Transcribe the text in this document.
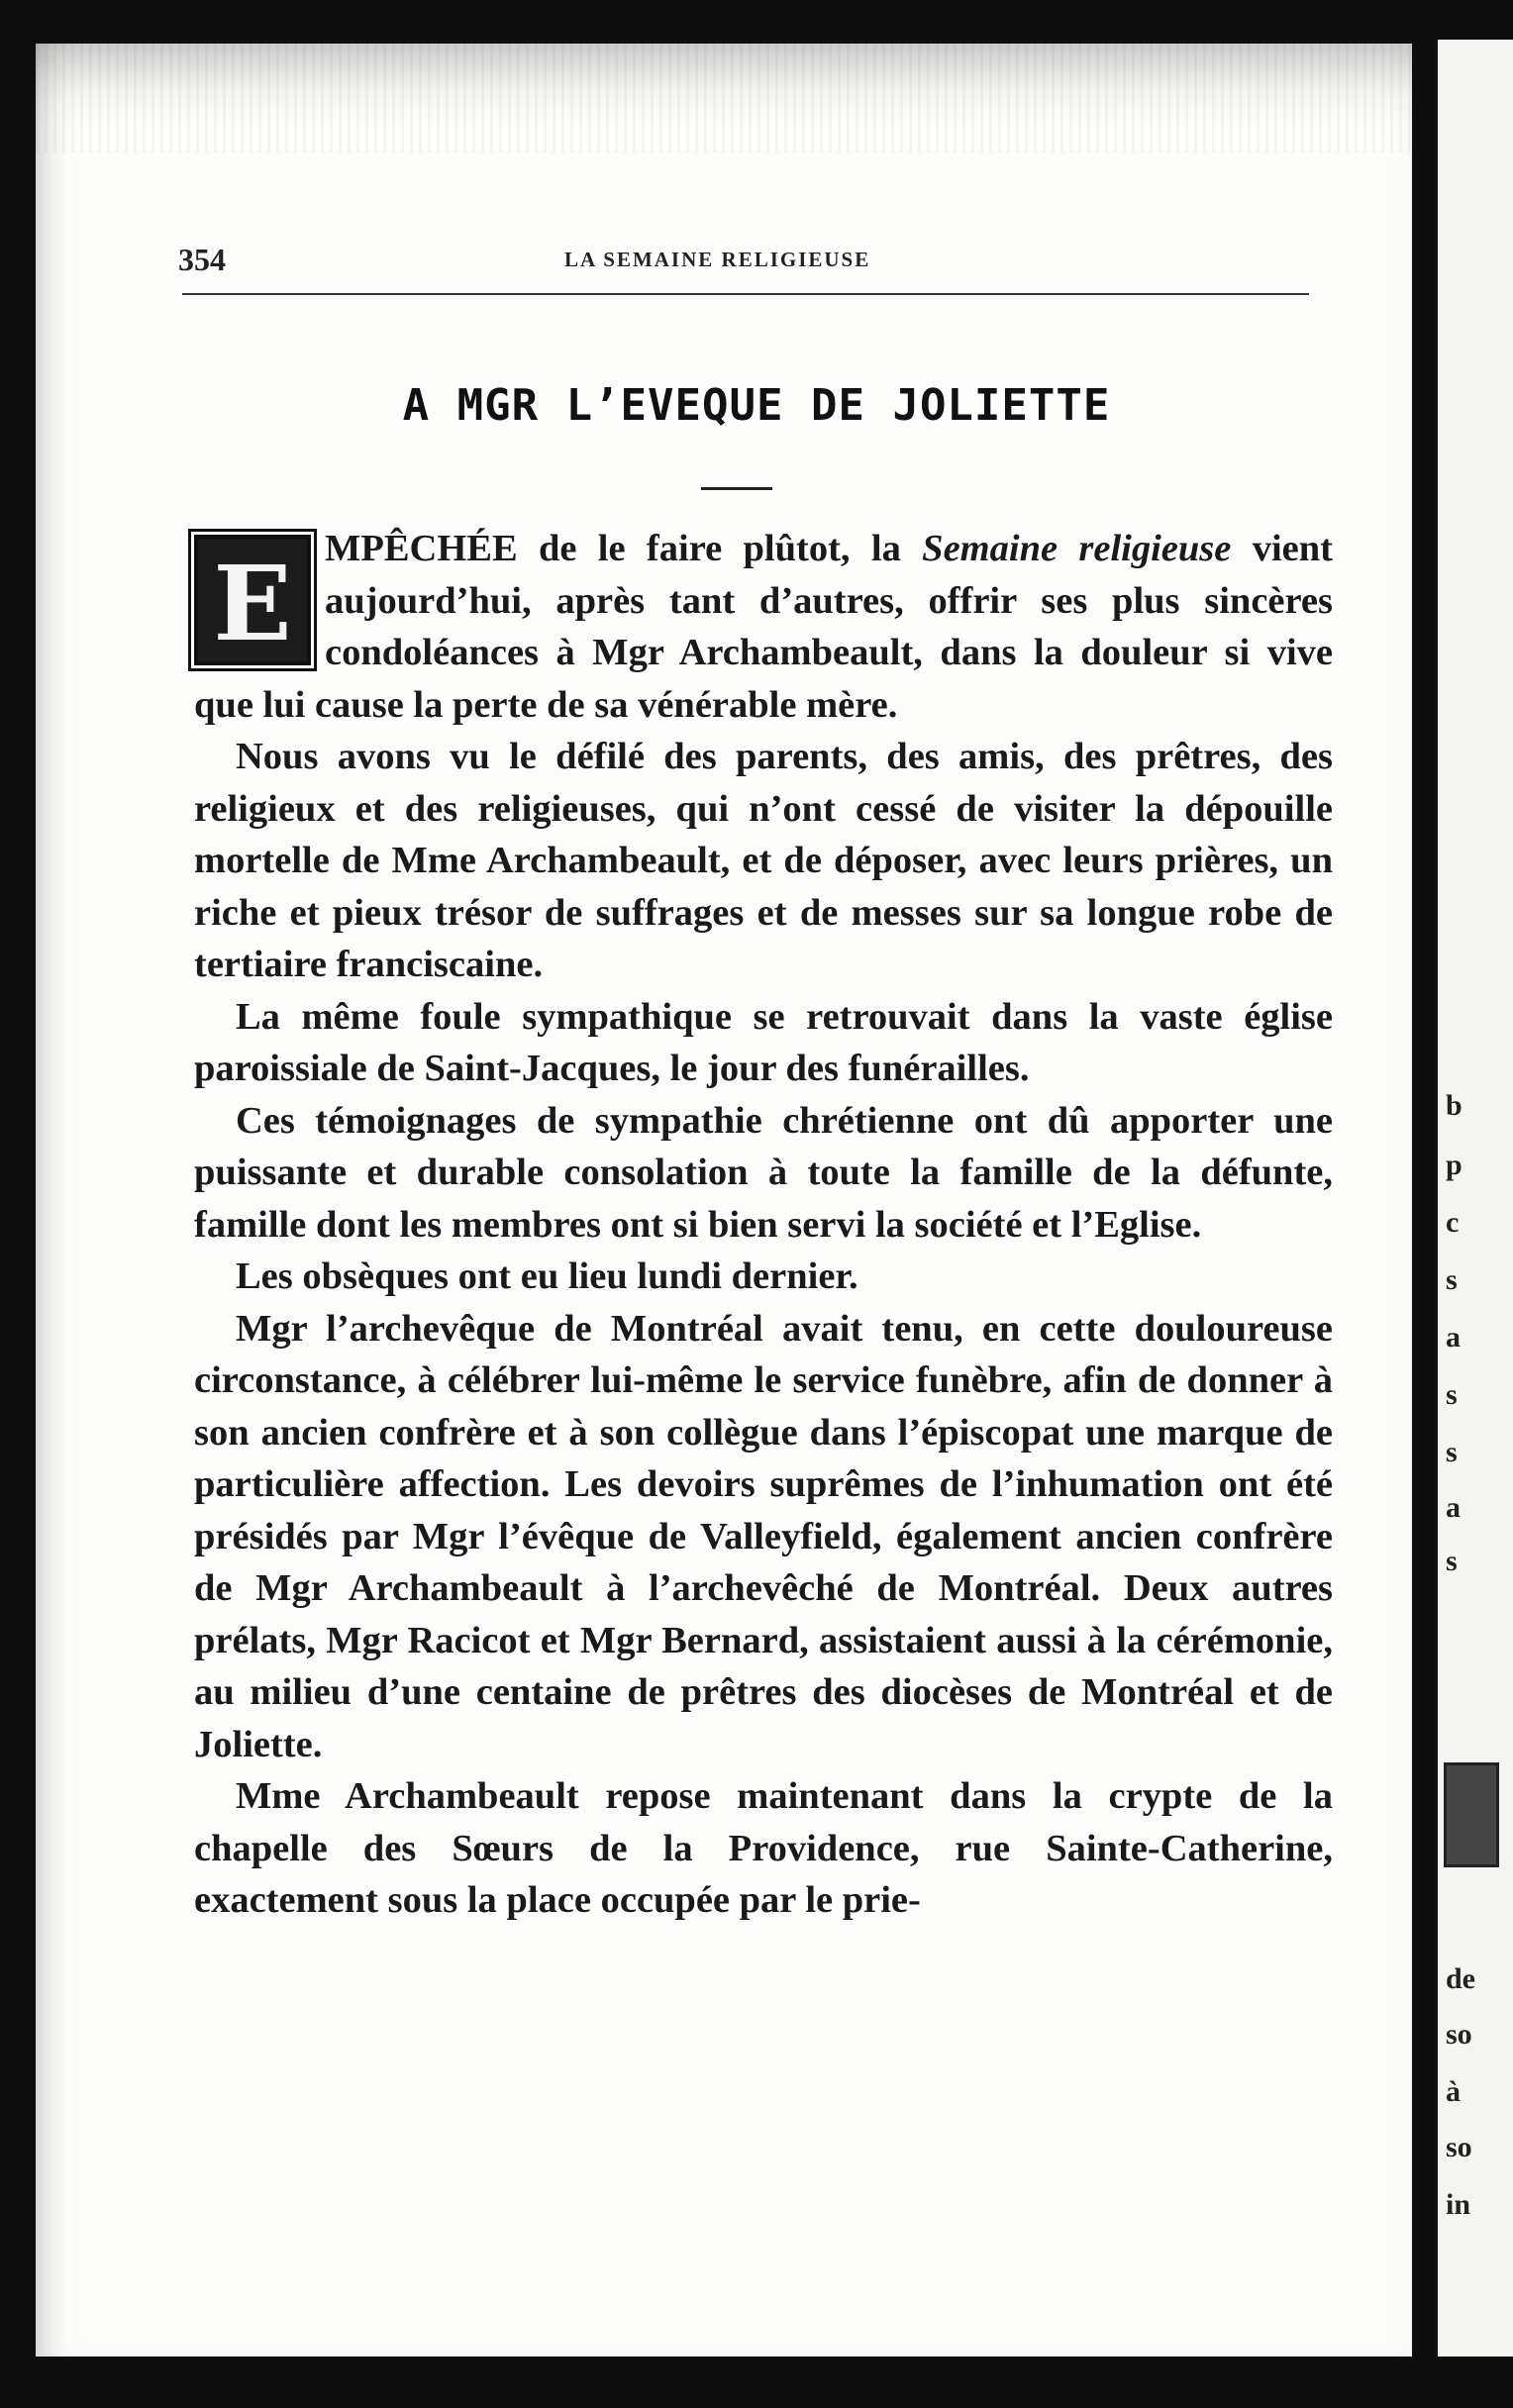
354	LA SEMAINE RELIGIEUSE
A MGR L’EVEQUE DE JOLIETTE

E MPÊCHÉE de le faire plûtot, la Semaine religieuse vient aujourd’hui, après tant d’autres, offrir ses plus sincères condoléances à Mgr Archambeault, dans la douleur si vive que lui cause la perte de sa vénérable mère.

Nous avons vu le défilé des parents, des amis, des prêtres, des religieux et des religieuses, qui n’ont cessé de visiter la dépouille mortelle de Mme Archambeault, et de déposer, avec leurs prières, un riche et pieux trésor de suffrages et de messes sur sa longue robe de tertiaire franciscaine.

La même foule sympathique se retrouvait dans la vaste église paroissiale de Saint-Jacques, le jour des funérailles.

Ces témoignages de sympathie chrétienne ont dû apporter une puissante et durable consolation à toute la famille de la défunte, famille dont les membres ont si bien servi la société et l’Eglise.

Les obsèques ont eu lieu lundi dernier.

Mgr l’archevêque de Montréal avait tenu, en cette douloureuse circonstance, à célébrer lui-même le service funèbre, afin de donner à son ancien confrère et à son collègue dans l’épiscopat une marque de particulière affection. Les devoirs suprêmes de l’inhumation ont été présidés par Mgr l’évêque de Valleyfield, également ancien confrère de Mgr Archambeault à l’archevêché de Montréal. Deux autres prélats, Mgr Racicot et Mgr Bernard, assistaient aussi à la cérémonie, au milieu d’une centaine de prêtres des diocèses de Montréal et de Joliette.

Mme Archambeault repose maintenant dans la crypte de la chapelle des Sœurs de la Providence, rue Sainte-Catherine, exactement sous la place occupée par le prie-

b
p
c
s
a
s
s
a
s
de
so
à
so
in
